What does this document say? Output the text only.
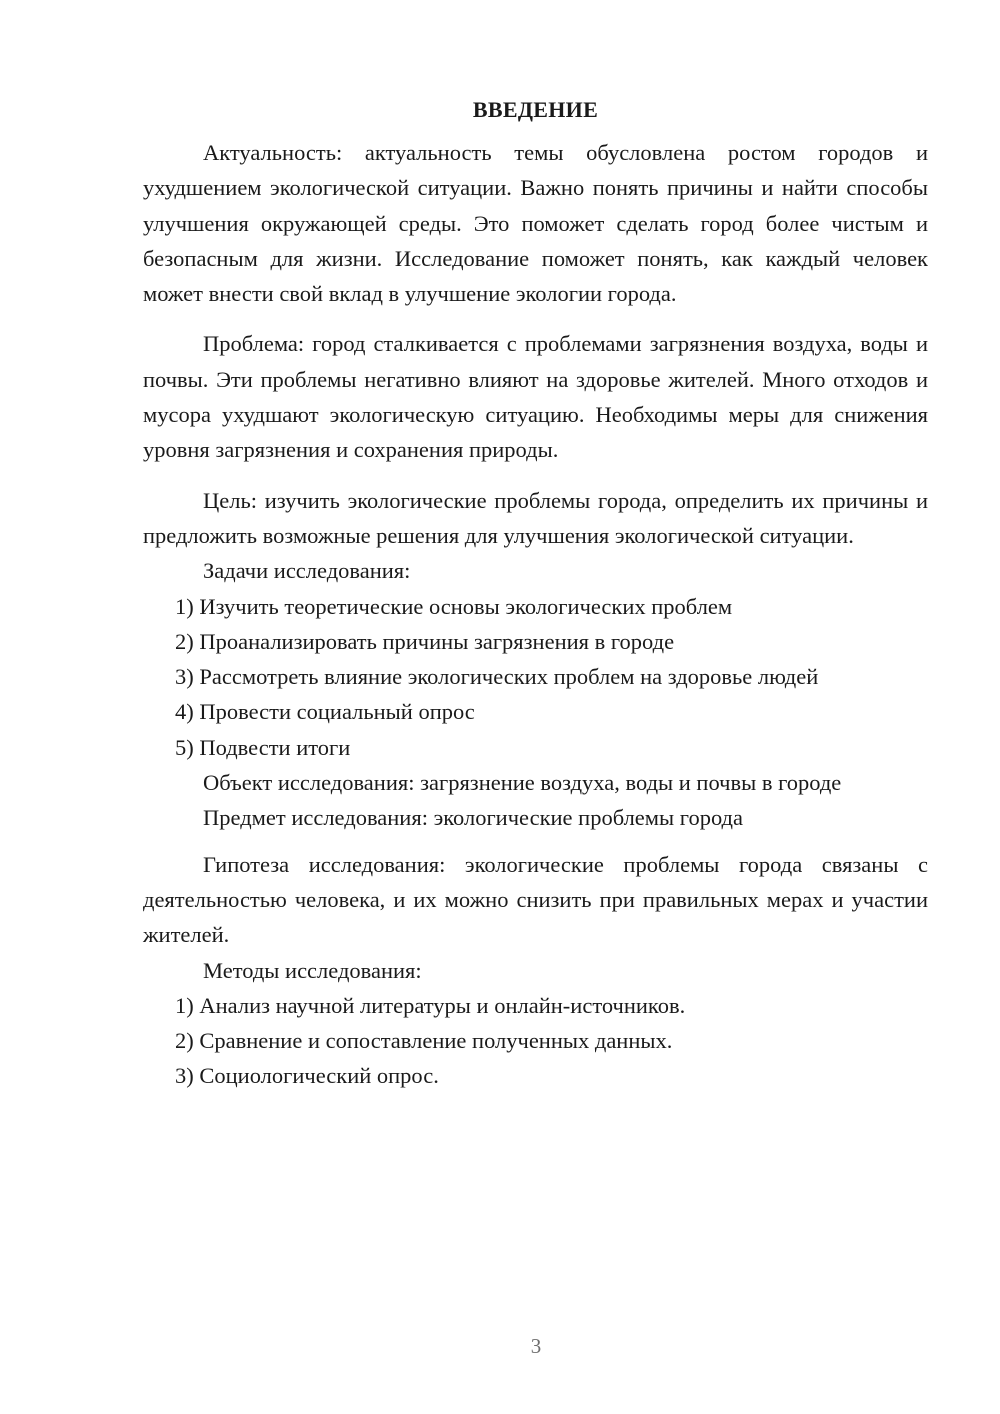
ВВЕДЕНИЕ

Актуальность: актуальность темы обусловлена ростом городов и ухудшением экологической ситуации. Важно понять причины и найти способы улучшения окружающей среды. Это поможет сделать город более чистым и безопасным для жизни. Исследование поможет понять, как каждый человек может внести свой вклад в улучшение экологии города.

Проблема: город сталкивается с проблемами загрязнения воздуха, воды и почвы. Эти проблемы негативно влияют на здоровье жителей. Много отходов и мусора ухудшают экологическую ситуацию. Необходимы меры для снижения уровня загрязнения и сохранения природы.

Цель: изучить экологические проблемы города, определить их причины и предложить возможные решения для улучшения экологической ситуации.

Задачи исследования:

1) Изучить теоретические основы экологических проблем

2) Проанализировать причины загрязнения в городе

3) Рассмотреть влияние экологических проблем на здоровье людей

4) Провести социальный опрос

5) Подвести итоги

Объект исследования: загрязнение воздуха, воды и почвы в городе

Предмет исследования: экологические проблемы города

Гипотеза исследования: экологические проблемы города связаны с деятельностью человека, и их можно снизить при правильных мерах и участии жителей.

Методы исследования:

1) Анализ научной литературы и онлайн-источников.

2) Сравнение и сопоставление полученных данных.

3) Социологический опрос.

3
